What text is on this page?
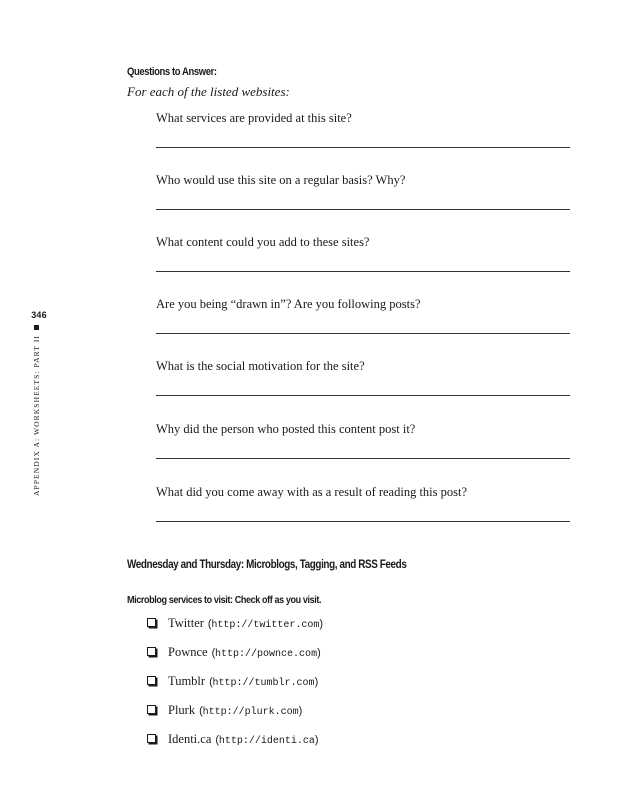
346
APPENDIX A: WORKSHEETS: PART II
Questions to Answer:
For each of the listed websites:
What services are provided at this site?
Who would use this site on a regular basis? Why?
What content could you add to these sites?
Are you being “drawn in”? Are you following posts?
What is the social motivation for the site?
Why did the person who posted this content post it?
What did you come away with as a result of reading this post?
Wednesday and Thursday: Microblogs, Tagging, and RSS Feeds
Microblog services to visit: Check off as you visit.
Twitter (http://twitter.com)
Pownce (http://pownce.com)
Tumblr (http://tumblr.com)
Plurk (http://plurk.com)
Identi.ca (http://identi.ca)
